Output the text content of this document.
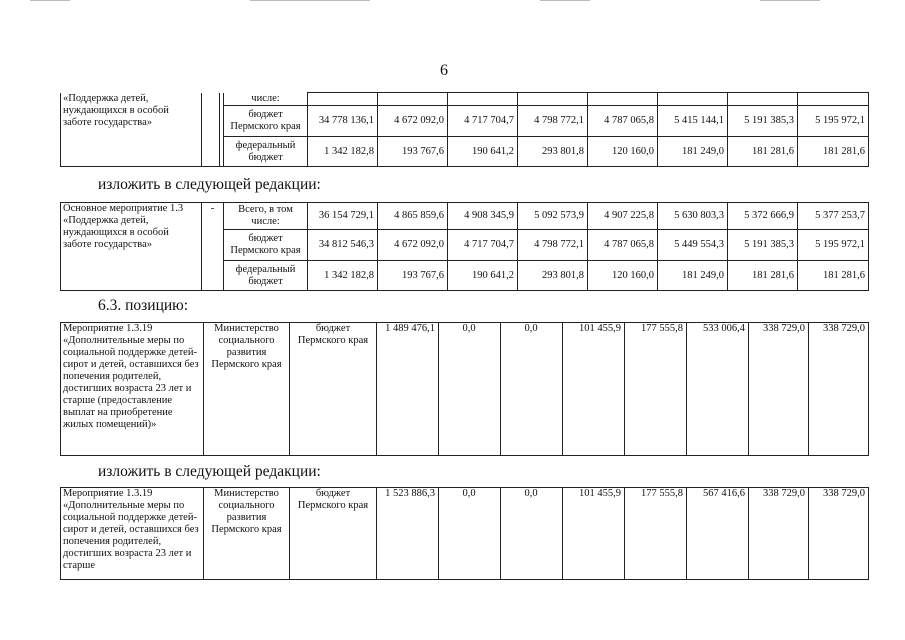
6
«Поддержка детей, нуждающихся в особой заботе государства»			числе:								
			бюджет Пермского края	34 778 136,1	4 672 092,0	4 717 704,7	4 798 772,1	4 787 065,8	5 415 144,1	5 191 385,3	5 195 972,1
			федеральный бюджет	1 342 182,8	193 767,6	190 641,2	293 801,8	120 160,0	181 249,0	181 281,6	181 281,6
изложить в следующей редакции:
Основное мероприятие 1.3 «Поддержка детей, нуждающихся в особой заботе государства»	-	Всего, в том числе:	36 154 729,1	4 865 859,6	4 908 345,9	5 092 573,9	4 907 225,8	5 630 803,3	5 372 666,9	5 377 253,7
		бюджет Пермского края	34 812 546,3	4 672 092,0	4 717 704,7	4 798 772,1	4 787 065,8	5 449 554,3	5 191 385,3	5 195 972,1
		федеральный бюджет	1 342 182,8	193 767,6	190 641,2	293 801,8	120 160,0	181 249,0	181 281,6	181 281,6
6.3. позицию:
Мероприятие 1.3.19 «Дополнительные меры по социальной поддержке детей-сирот и детей, оставшихся без попечения родителей, достигших возраста 23 лет и старше (предоставление выплат на приобретение жилых помещений)»	Министерство социального развития Пермского края	бюджет Пермского края	1 489 476,1	0,0	0,0	101 455,9	177 555,8	533 006,4	338 729,0	338 729,0
изложить в следующей редакции:
Мероприятие 1.3.19 «Дополнительные меры по социальной поддержке детей-сирот и детей, оставшихся без попечения родителей, достигших возраста 23 лет и старше	Министерство социального развития Пермского края	бюджет Пермского края	1 523 886,3	0,0	0,0	101 455,9	177 555,8	567 416,6	338 729,0	338 729,0
